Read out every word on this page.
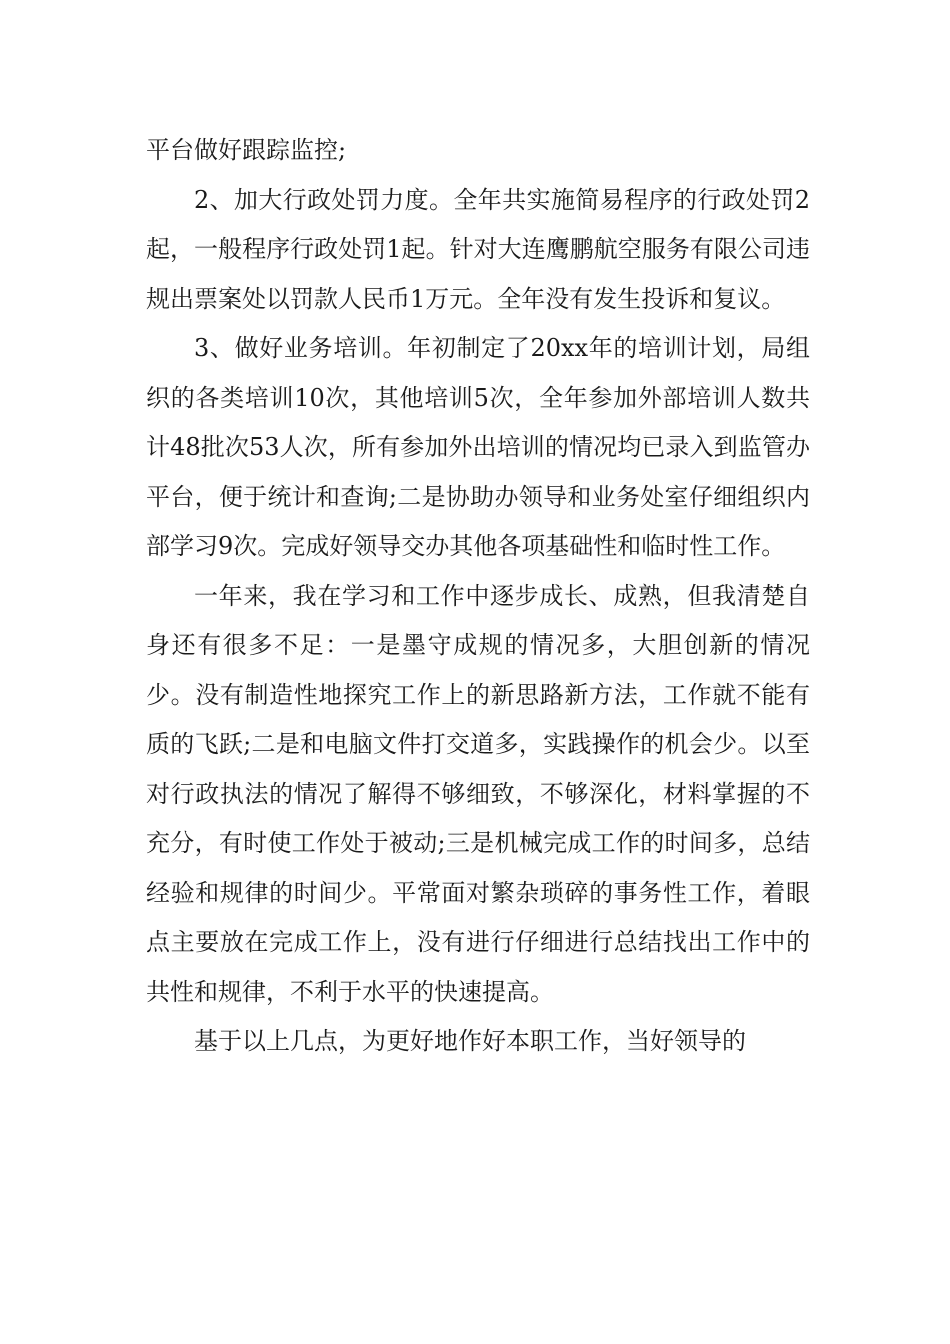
平台做好跟踪监控;

2、加大行政处罚力度。全年共实施简易程序的行政处罚2起，一般程序行政处罚1起。针对大连鹰鹏航空服务有限公司违规出票案处以罚款人民币1万元。全年没有发生投诉和复议。

3、做好业务培训。年初制定了20xx年的培训计划，局组织的各类培训10次，其他培训5次，全年参加外部培训人数共计48批次53人次，所有参加外出培训的情况均已录入到监管办平台，便于统计和查询;二是协助办领导和业务处室仔细组织内部学习9次。完成好领导交办其他各项基础性和临时性工作。

一年来，我在学习和工作中逐步成长、成熟，但我清楚自身还有很多不足：一是墨守成规的情况多，大胆创新的情况少。没有制造性地探究工作上的新思路新方法，工作就不能有质的飞跃;二是和电脑文件打交道多，实践操作的机会少。以至对行政执法的情况了解得不够细致，不够深化，材料掌握的不充分，有时使工作处于被动;三是机械完成工作的时间多，总结经验和规律的时间少。平常面对繁杂琐碎的事务性工作，着眼点主要放在完成工作上，没有进行仔细进行总结找出工作中的共性和规律，不利于水平的快速提高。

基于以上几点，为更好地作好本职工作，当好领导的
